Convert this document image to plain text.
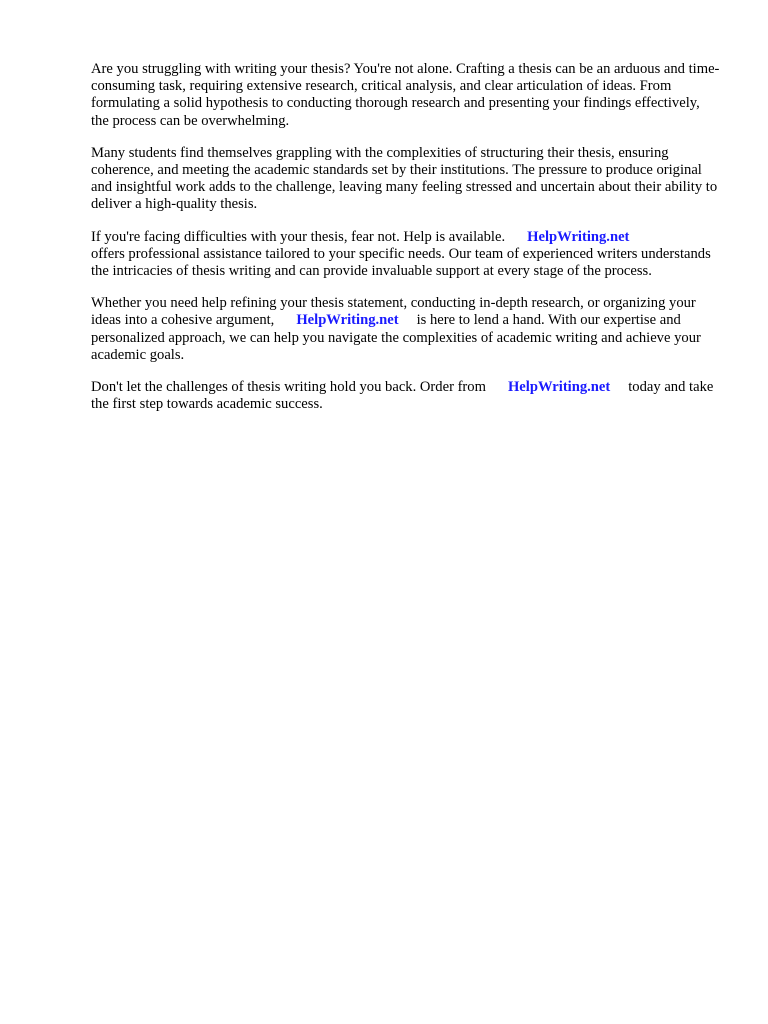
Are you struggling with writing your thesis? You're not alone. Crafting a thesis can be an arduous and time-consuming task, requiring extensive research, critical analysis, and clear articulation of ideas. From formulating a solid hypothesis to conducting thorough research and presenting your findings effectively, the process can be overwhelming.

Many students find themselves grappling with the complexities of structuring their thesis, ensuring coherence, and meeting the academic standards set by their institutions. The pressure to produce original and insightful work adds to the challenge, leaving many feeling stressed and uncertain about their ability to deliver a high-quality thesis.

If you're facing difficulties with your thesis, fear not. Help is available. HelpWriting.net
offers professional assistance tailored to your specific needs. Our team of experienced writers understands the intricacies of thesis writing and can provide invaluable support at every stage of the process.

Whether you need help refining your thesis statement, conducting in-depth research, or organizing your ideas into a cohesive argument, HelpWriting.net is here to lend a hand. With our expertise and personalized approach, we can help you navigate the complexities of academic writing and achieve your academic goals.

Don't let the challenges of thesis writing hold you back. Order from HelpWriting.net today and take the first step towards academic success.
